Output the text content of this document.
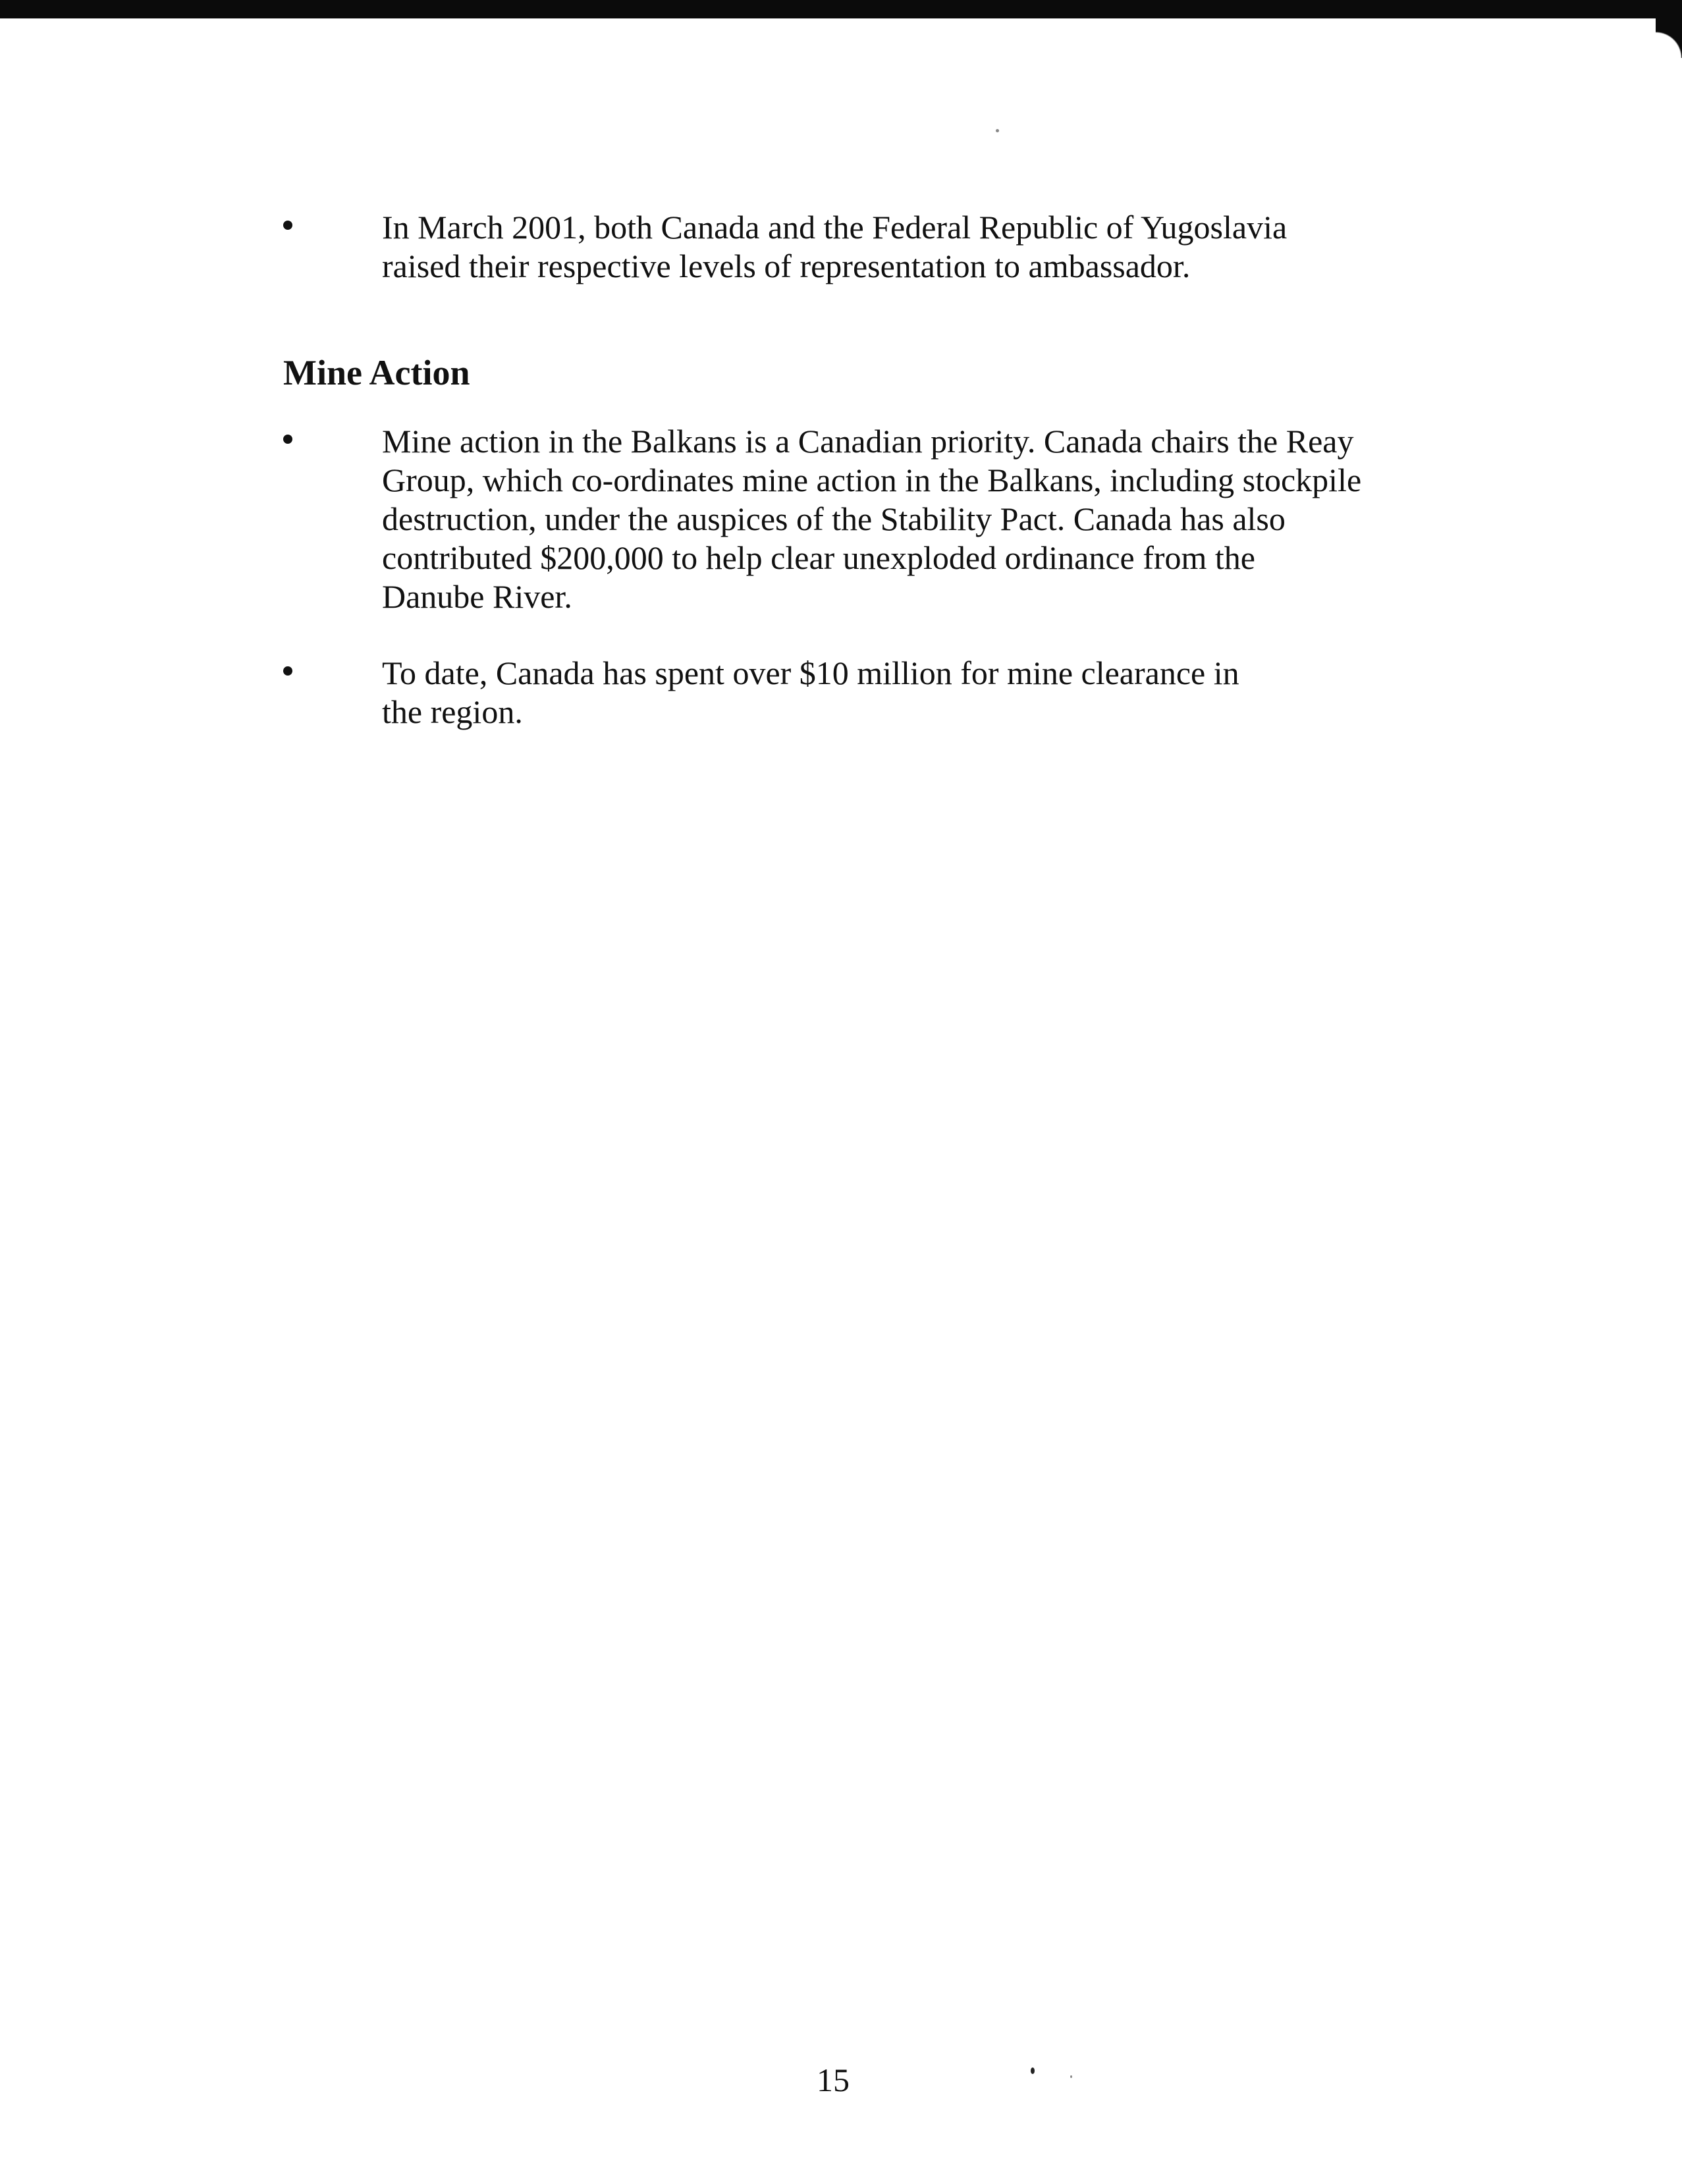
In March 2001, both Canada and the Federal Republic of Yugoslavia
raised their respective levels of representation to ambassador.
Mine Action
Mine action in the Balkans is a Canadian priority. Canada chairs the Reay
Group, which co-ordinates mine action in the Balkans, including stockpile
destruction, under the auspices of the Stability Pact. Canada has also
contributed $200,000 to help clear unexploded ordinance from the
Danube River.
To date, Canada has spent over $10 million for mine clearance in
the region.
15
